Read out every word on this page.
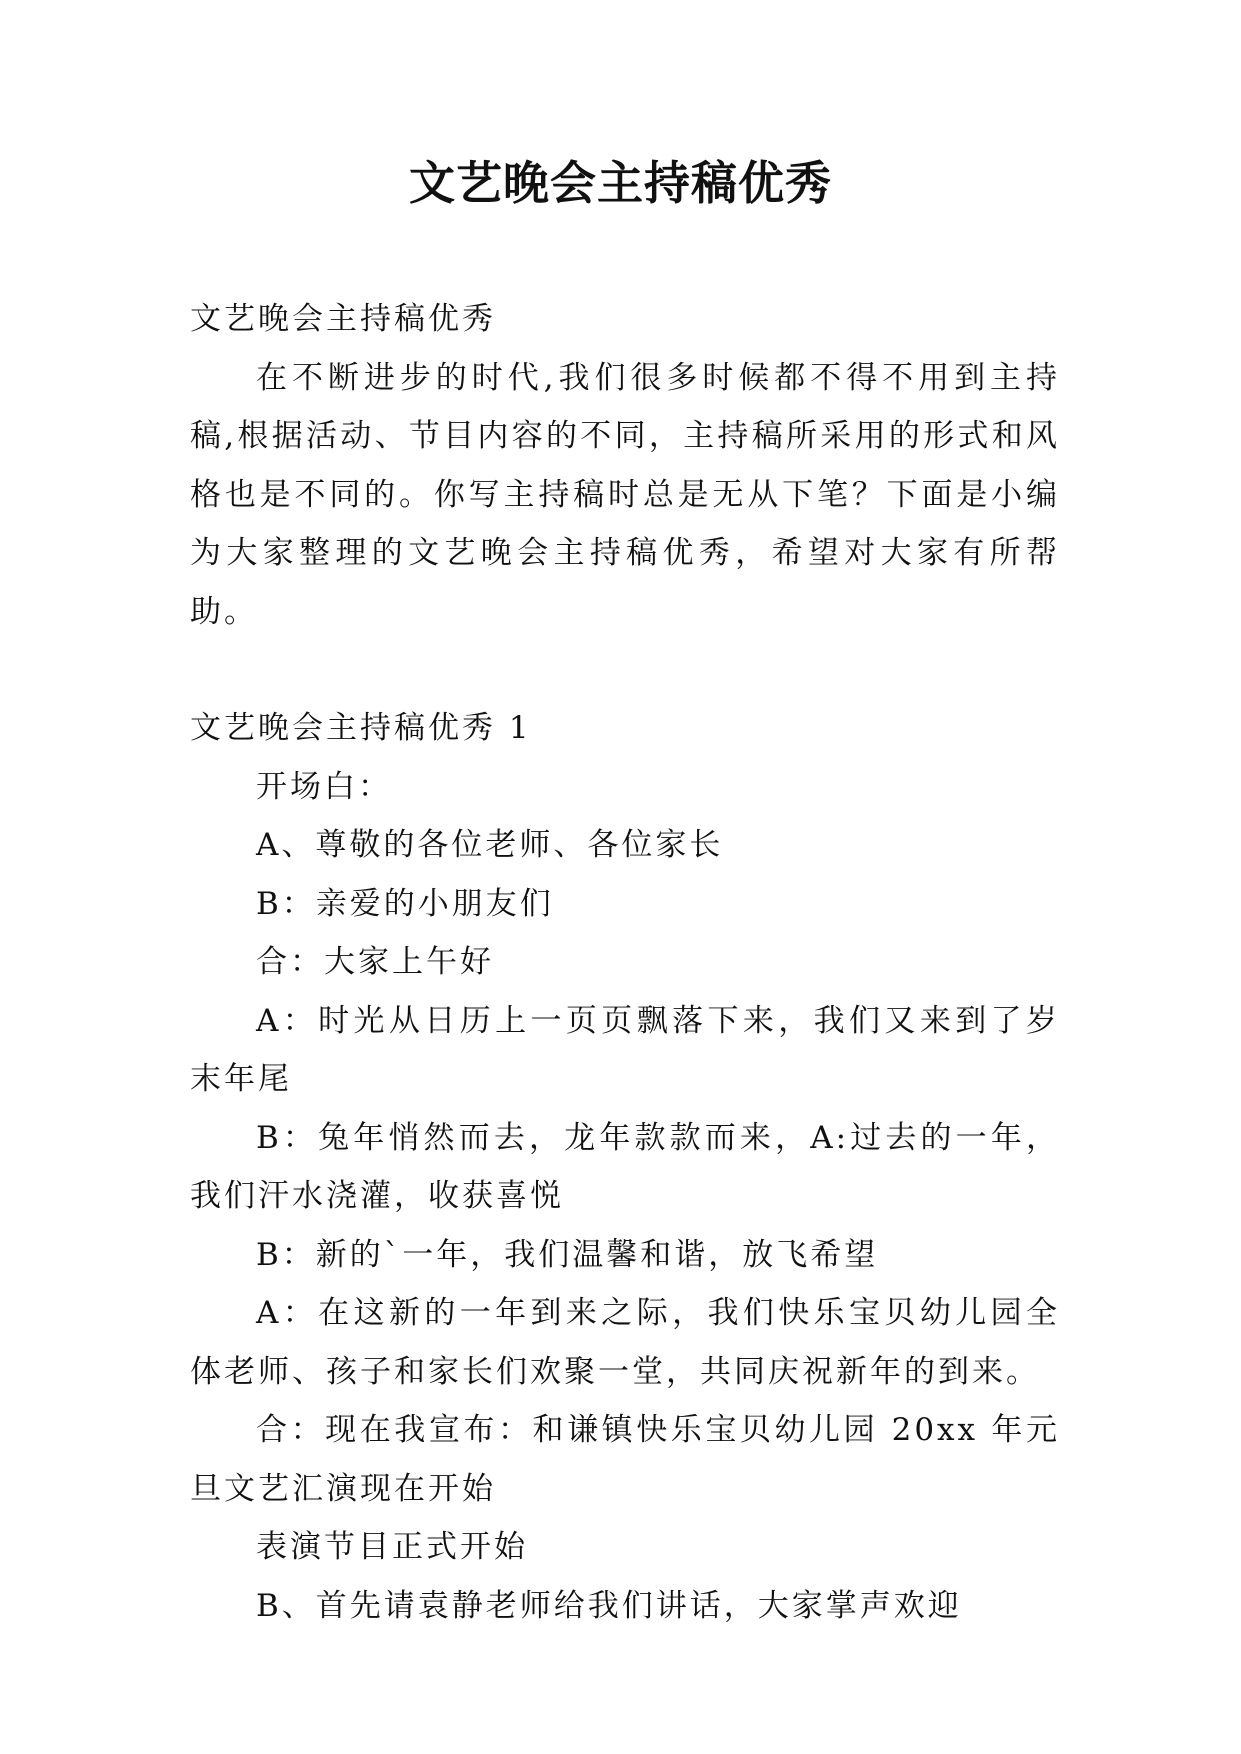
文艺晚会主持稿优秀

文艺晚会主持稿优秀

在不断进步的时代,我们很多时候都不得不用到主持稿,根据活动、节目内容的不同，主持稿所采用的形式和风格也是不同的。你写主持稿时总是无从下笔？下面是小编为大家整理的文艺晚会主持稿优秀，希望对大家有所帮助。

文艺晚会主持稿优秀 1

开场白：

A、尊敬的各位老师、各位家长

B：亲爱的小朋友们

合：大家上午好

A：时光从日历上一页页飘落下来，我们又来到了岁末年尾

B：兔年悄然而去，龙年款款而来，A:过去的一年，我们汗水浇灌，收获喜悦

B：新的`一年，我们温馨和谐，放飞希望

A：在这新的一年到来之际，我们快乐宝贝幼儿园全体老师、孩子和家长们欢聚一堂，共同庆祝新年的到来。

合：现在我宣布：和谦镇快乐宝贝幼儿园 20xx 年元旦文艺汇演现在开始

表演节目正式开始

B、首先请袁静老师给我们讲话，大家掌声欢迎
